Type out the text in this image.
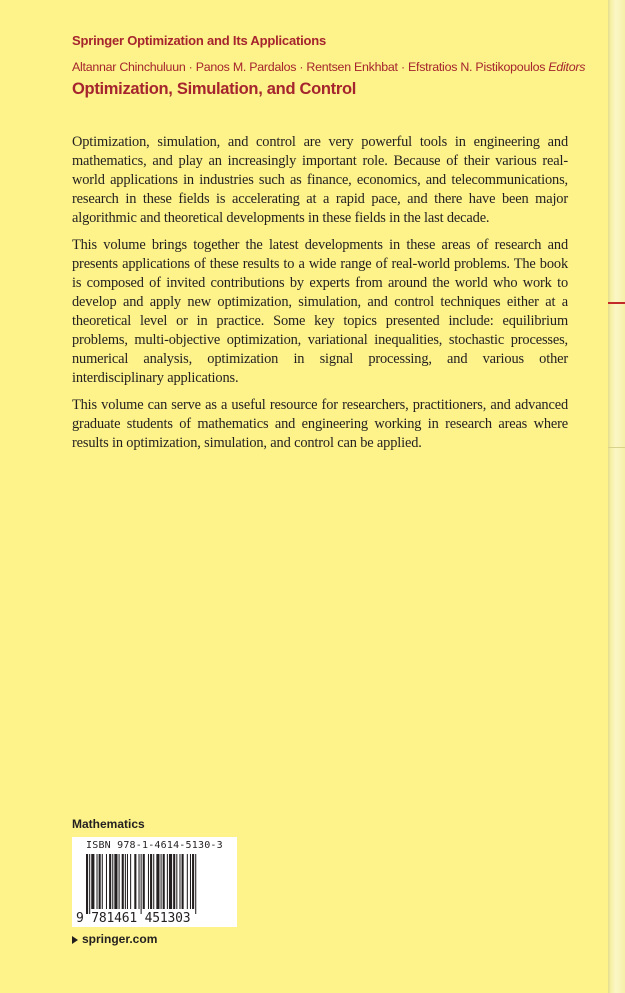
Springer Optimization and Its Applications
Altannar Chinchuluun · Panos M. Pardalos · Rentsen Enkhbat · Efstratios N. Pistikopoulos Editors
Optimization, Simulation, and Control

Optimization, simulation, and control are very powerful tools in engineering and mathematics, and play an increasingly important role. Because of their various real-world applications in industries such as finance, economics, and telecommunications, research in these fields is accelerating at a rapid pace, and there have been major algorithmic and theoretical developments in these fields in the last decade.

This volume brings together the latest developments in these areas of research and presents applications of these results to a wide range of real-world problems. The book is composed of invited contributions by experts from around the world who work to develop and apply new optimization, simulation, and control techniques either at a theoretical level or in practice. Some key topics presented include: equilibrium problems, multi-objective optimization, variational inequalities, stochastic processes, numerical analysis, optimization in signal processing, and various other interdisciplinary applications.

This volume can serve as a useful resource for researchers, practitioners, and advanced graduate students of mathematics and engineering working in research areas where results in optimization, simulation, and control can be applied.

Mathematics
ISBN 978-1-4614-5130-3
9 781461 451303
springer.com
